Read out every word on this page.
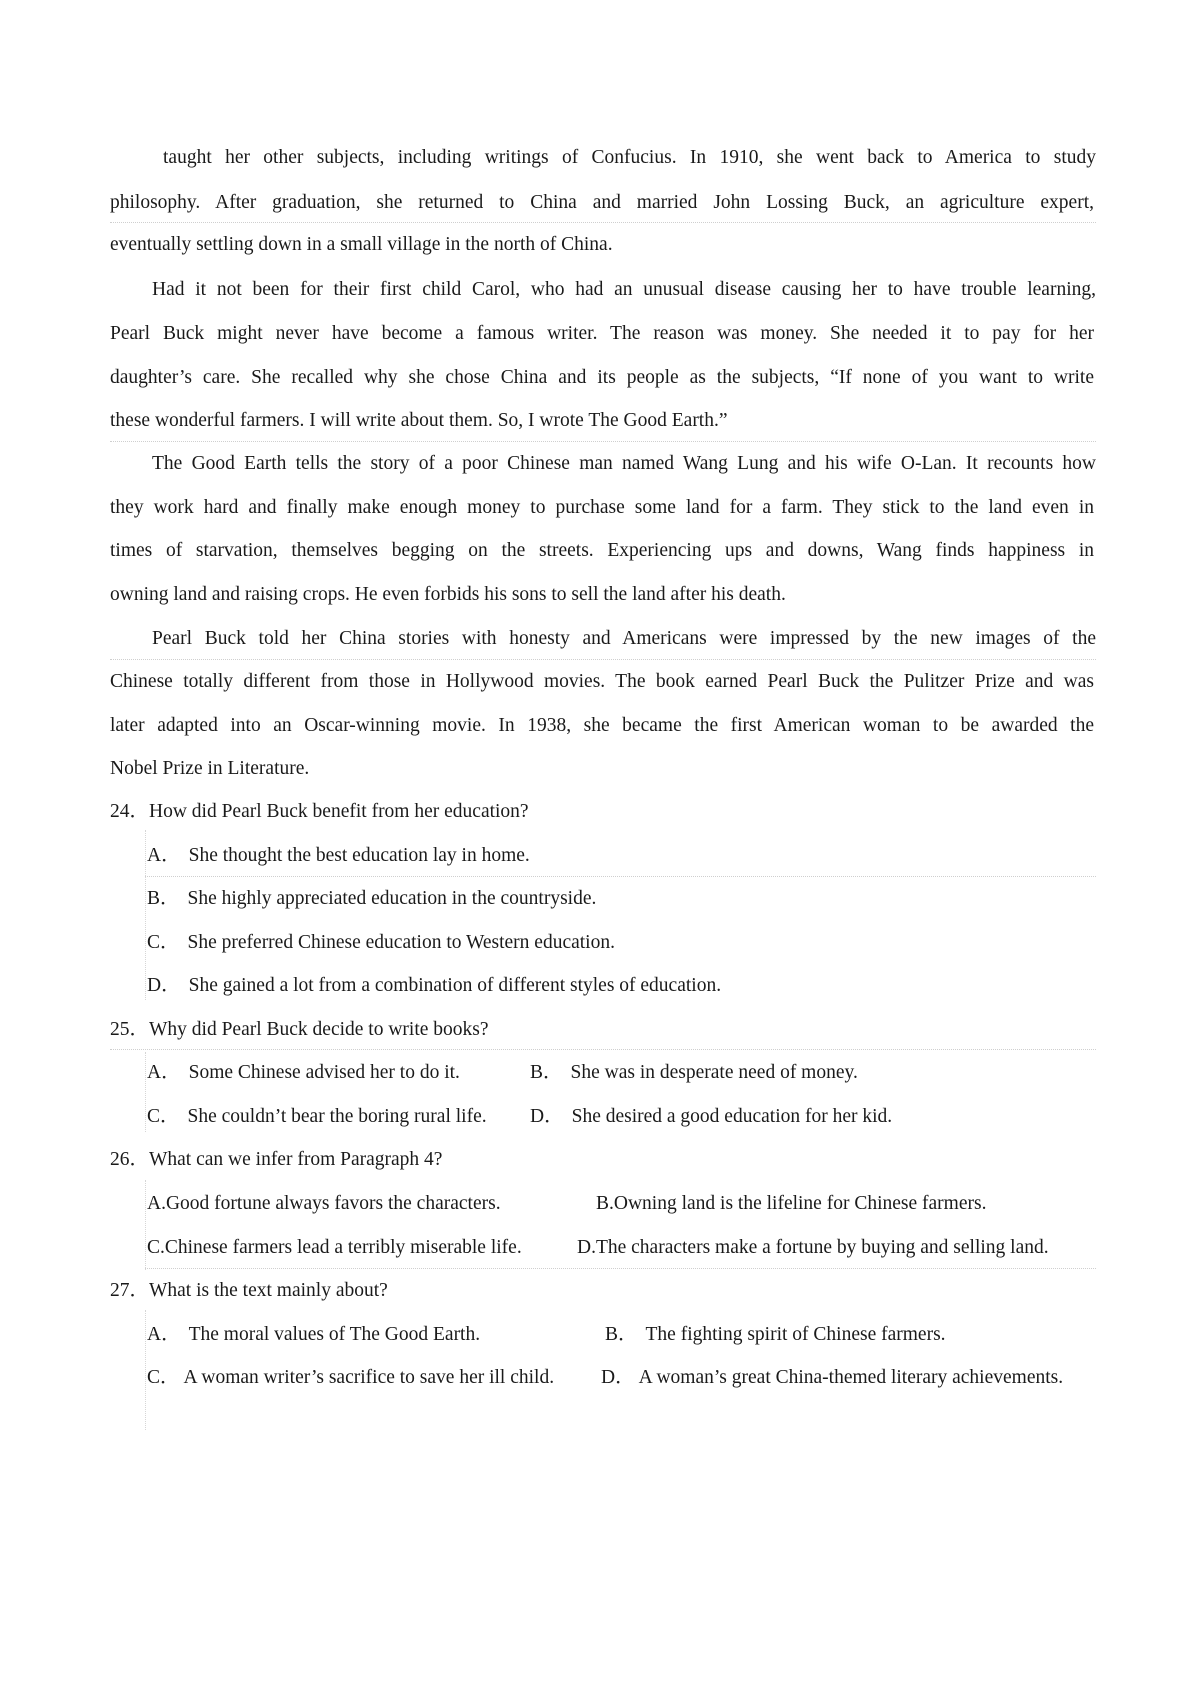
taught her other subjects, including writings of Confucius. In 1910, she went back to America to study
philosophy. After graduation, she returned to China and married John Lossing Buck, an agriculture expert,
eventually settling down in a small village in the north of China.
Had it not been for their first child Carol, who had an unusual disease causing her to have trouble learning,
Pearl Buck might never have become a famous writer. The reason was money. She needed it to pay for her
daughter’s care. She recalled why she chose China and its people as the subjects, “If none of you want to write
these wonderful farmers. I will write about them. So, I wrote The Good Earth.”
The Good Earth tells the story of a poor Chinese man named Wang Lung and his wife O-Lan. It recounts how
they work hard and finally make enough money to purchase some land for a farm. They stick to the land even in
times of starvation, themselves begging on the streets. Experiencing ups and downs, Wang finds happiness in
owning land and raising crops. He even forbids his sons to sell the land after his death.
Pearl Buck told her China stories with honesty and Americans were impressed by the new images of the
Chinese totally different from those in Hollywood movies. The book earned Pearl Buck the Pulitzer Prize and was
later adapted into an Oscar-winning movie. In 1938, she became the first American woman to be awarded the
Nobel Prize in Literature.
24．How did Pearl Buck benefit from her education?
A． She thought the best education lay in home.
B． She highly appreciated education in the countryside.
C． She preferred Chinese education to Western education.
D． She gained a lot from a combination of different styles of education.
25．Why did Pearl Buck decide to write books?
A． Some Chinese advised her to do it.	B． She was in desperate need of money.
C． She couldn’t bear the boring rural life. D． She desired a good education for her kid.
26．What can we infer from Paragraph 4?
A.Good fortune always favors the characters.	B.Owning land is the lifeline for Chinese farmers.
C.Chinese farmers lead a terribly miserable life.	D.The characters make a fortune by buying and selling land.
27．What is the text mainly about?
A． The moral values of The Good Earth.	B． The fighting spirit of Chinese farmers.
C． A woman writer’s sacrifice to save her ill child. D． A woman’s great China-themed literary achievements.
